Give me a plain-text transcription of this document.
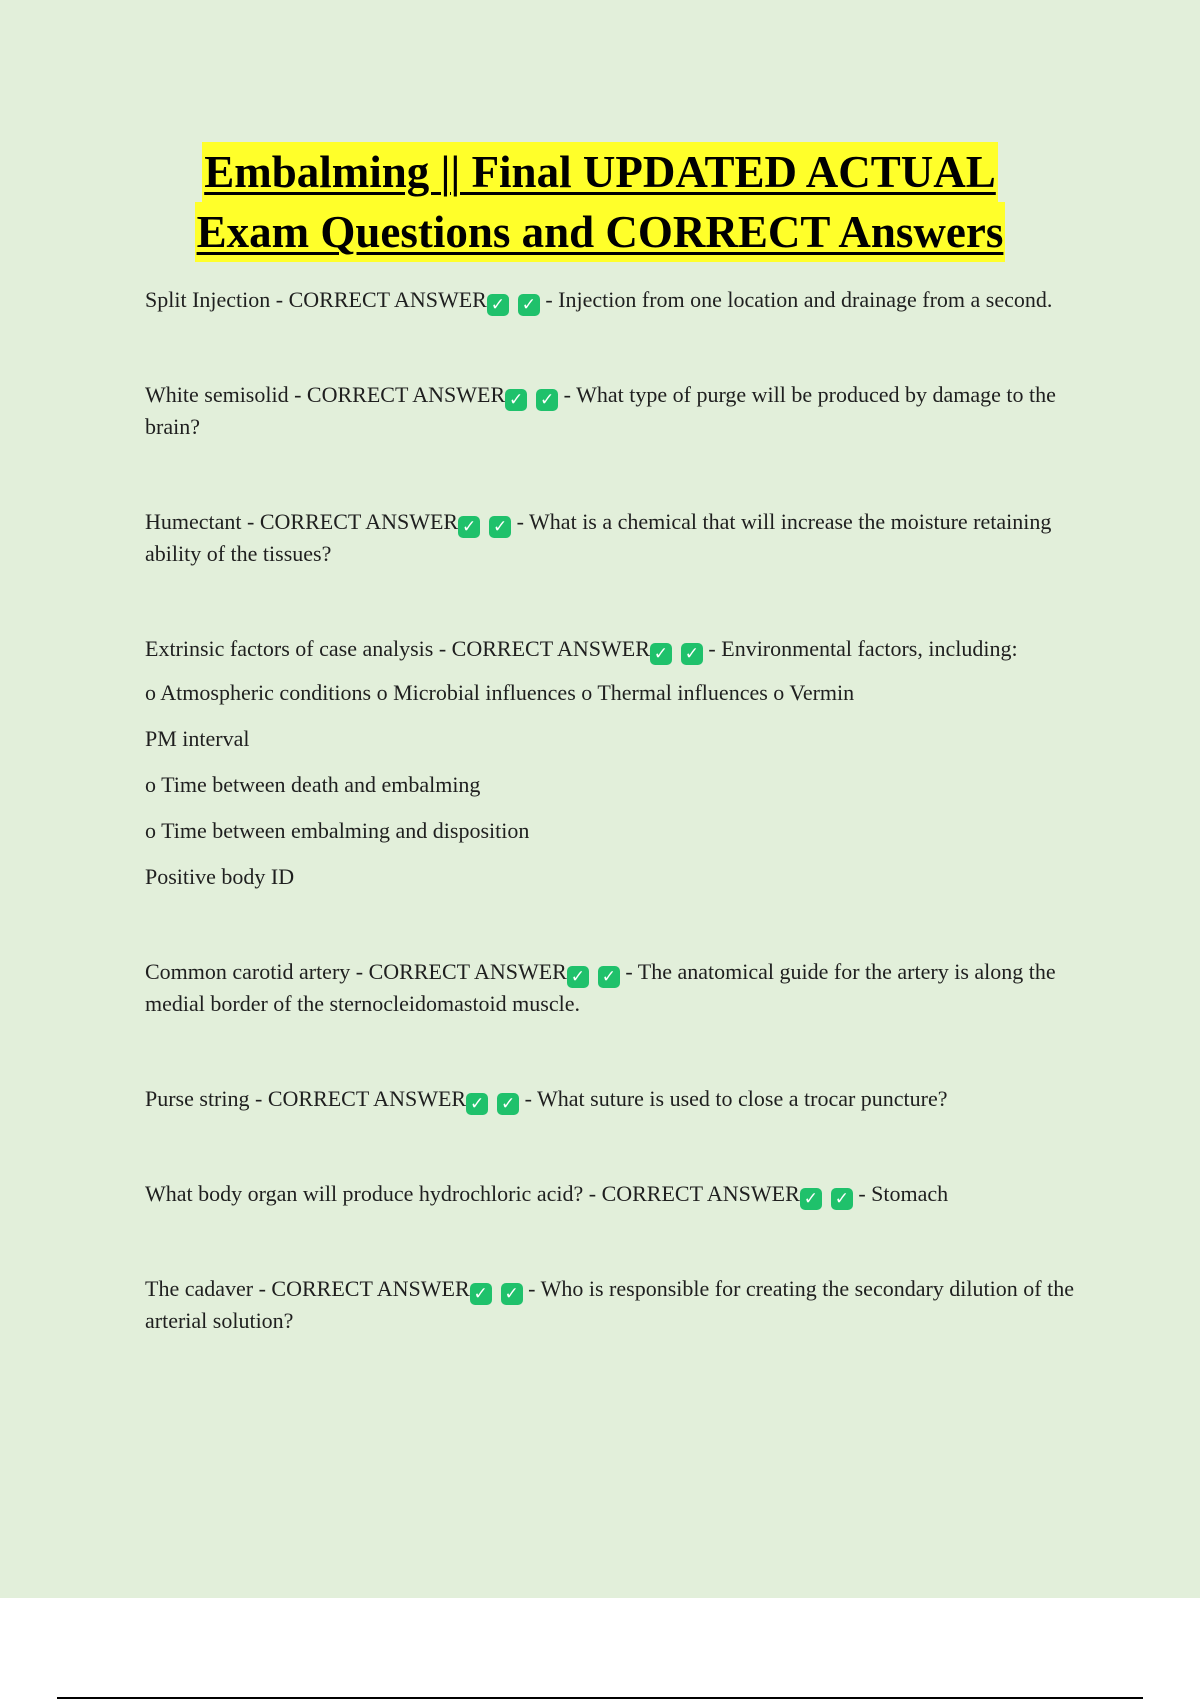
Embalming || Final UPDATED ACTUAL
Exam Questions and CORRECT Answers

Split Injection - CORRECT ANSWER ✓ ✓ - Injection from one location and drainage from a second.

White semisolid - CORRECT ANSWER ✓ ✓ - What type of purge will be produced by damage to the brain?

Humectant - CORRECT ANSWER ✓ ✓ - What is a chemical that will increase the moisture retaining ability of the tissues?

Extrinsic factors of case analysis - CORRECT ANSWER ✓ ✓ - Environmental factors, including:

o Atmospheric conditions o Microbial influences o Thermal influences o Vermin

PM interval

o Time between death and embalming

o Time between embalming and disposition

Positive body ID

Common carotid artery - CORRECT ANSWER ✓ ✓ - The anatomical guide for the artery is along the medial border of the sternocleidomastoid muscle.

Purse string - CORRECT ANSWER ✓ ✓ - What suture is used to close a trocar puncture?

What body organ will produce hydrochloric acid? - CORRECT ANSWER ✓ ✓ - Stomach

The cadaver - CORRECT ANSWER ✓ ✓ - Who is responsible for creating the secondary dilution of the arterial solution?
